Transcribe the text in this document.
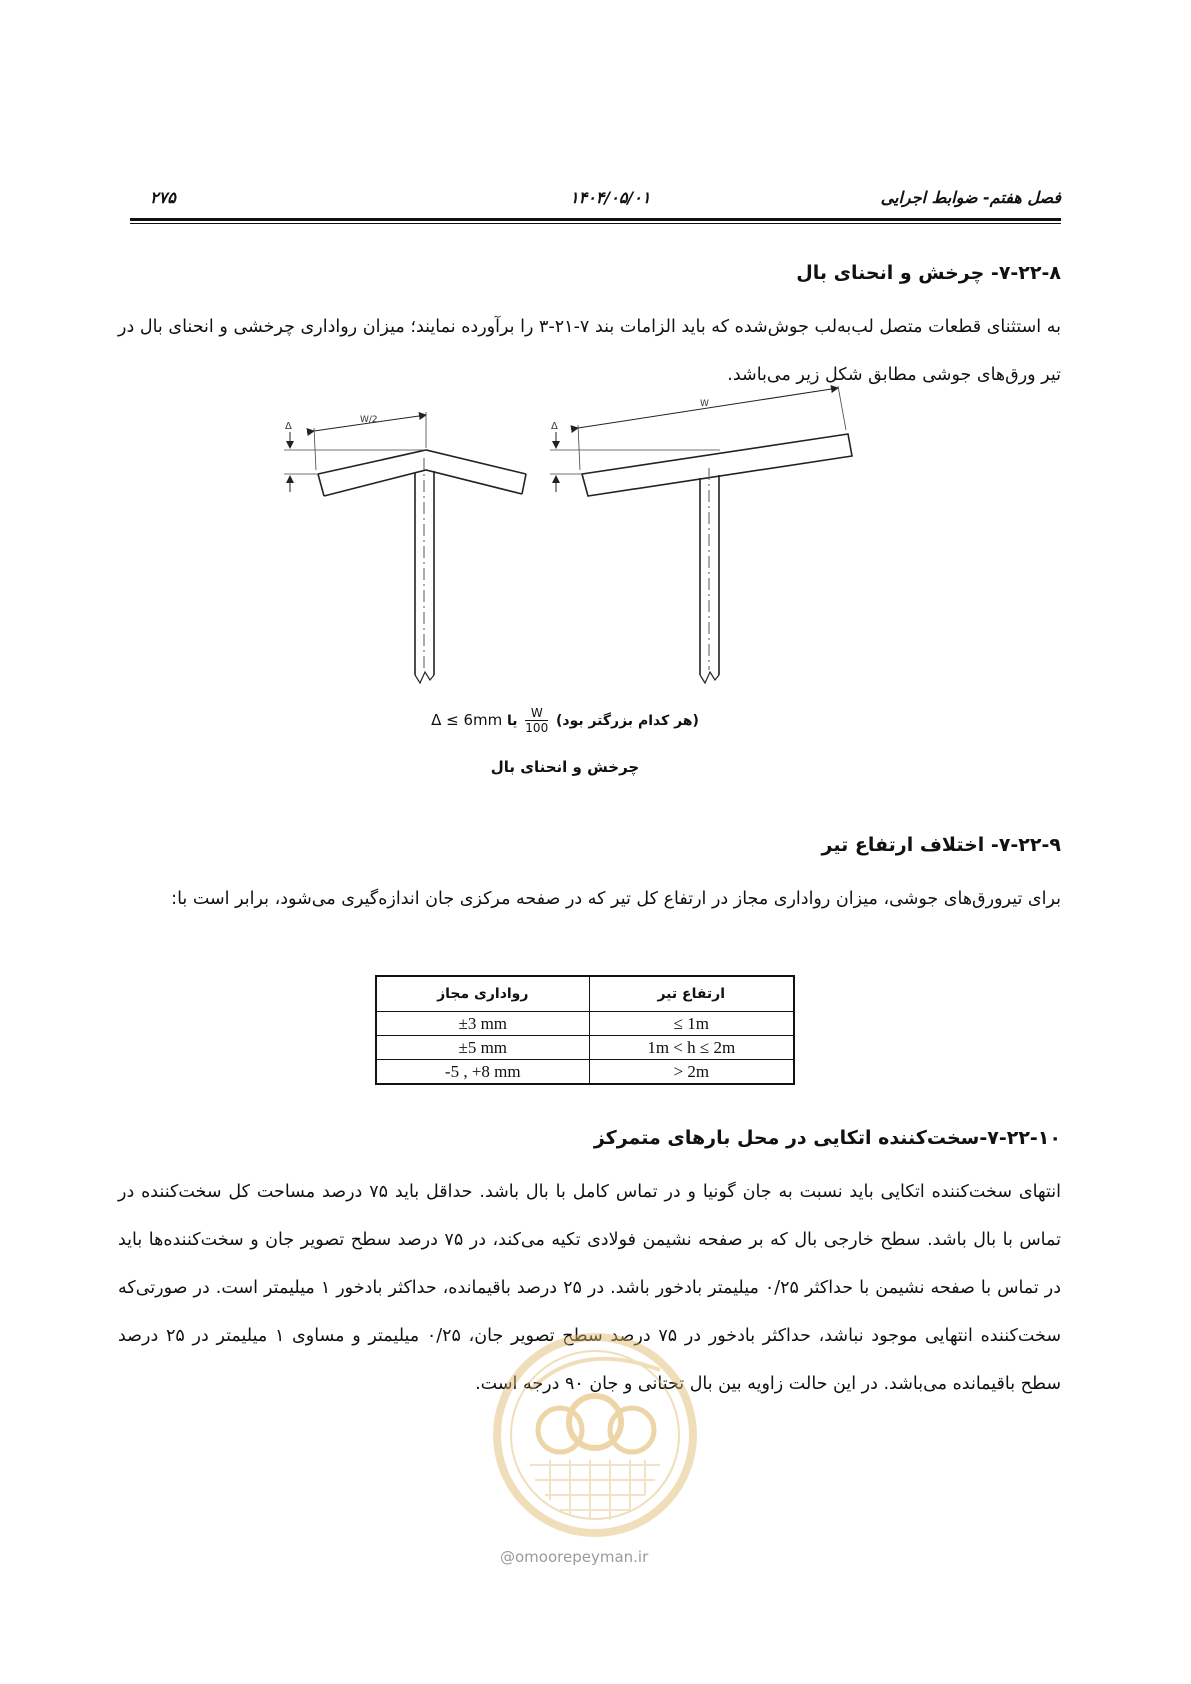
فصل هفتم- ضوابط اجرایی
۱۴۰۴/۰۵/۰۱
۲۷۵
۷-۲۲-۸- چرخش و انحنای بال
به استثنای قطعات متصل لب‌به‌لب جوش‌شده که باید الزامات بند ۷-۲۱-۳ را برآورده نمایند؛ میزان رواداری چرخشی و انحنای بال در تیر ورق‌های جوشی مطابق شکل زیر می‌باشد.
W/2
Δ
W
Δ
(هر کدام بزرگتر بود)
$\frac{W}{100}$
یا Δ ≤ 6mm
چرخش و انحنای بال
۷-۲۲-۹- اختلاف ارتفاع تیر
برای تیرورق‌های جوشی، میزان رواداری مجاز در ارتفاع کل تیر که در صفحه مرکزی جان اندازه‌گیری می‌شود، برابر است با:
رواداری مجاز	ارتفاع تیر
±3 mm	≤ 1m
±5 mm	1m < h ≤ 2m
-5 , +8 mm	> 2m
۷-۲۲-۱۰-سخت‌کننده اتکایی در محل بارهای متمرکز
انتهای سخت‌کننده اتکایی باید نسبت به جان گونیا و در تماس کامل با بال باشد. حداقل باید ۷۵ درصد مساحت کل سخت‌کننده در تماس با بال باشد. سطح خارجی بال که بر صفحه نشیمن فولادی تکیه می‌کند، در ۷۵ درصد سطح تصویر جان و سخت‌کننده‌ها باید در تماس با صفحه نشیمن با حداکثر ۰/۲۵ میلیمتر بادخور باشد. در ۲۵ درصد باقیمانده، حداکثر بادخور ۱ میلیمتر است. در صورتی‌که سخت‌کننده انتهایی موجود نباشد، حداکثر بادخور در ۷۵ درصد سطح تصویر جان، ۰/۲۵ میلیمتر و مساوی ۱ میلیمتر در ۲۵ درصد سطح باقیمانده می‌باشد. در این حالت زاویه بین بال تحتانی و جان ۹۰ درجه است.
@omoorepeyman.ir
